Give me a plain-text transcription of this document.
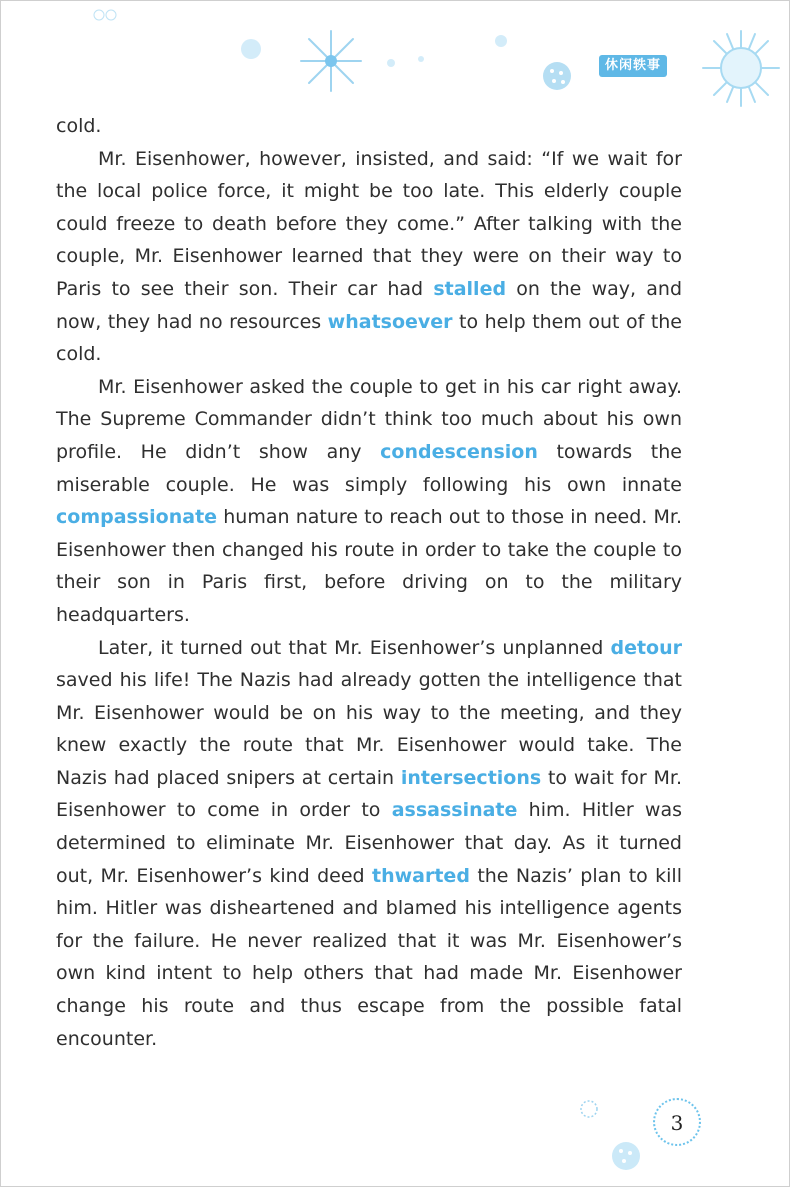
休闲轶事

cold.

Mr. Eisenhower, however, insisted, and said: “If we wait for the local police force, it might be too late. This elderly couple could freeze to death before they come.” After talking with the couple, Mr. Eisenhower learned that they were on their way to Paris to see their son. Their car had stalled on the way, and now, they had no resources whatsoever to help them out of the cold.

Mr. Eisenhower asked the couple to get in his car right away. The Supreme Commander didn’t think too much about his own profile. He didn’t show any condescension towards the miserable couple. He was simply following his own innate compassionate human nature to reach out to those in need. Mr. Eisenhower then changed his route in order to take the couple to their son in Paris first, before driving on to the military headquarters.

Later, it turned out that Mr. Eisenhower’s unplanned detour saved his life! The Nazis had already gotten the intelligence that Mr. Eisenhower would be on his way to the meeting, and they knew exactly the route that Mr. Eisenhower would take. The Nazis had placed snipers at certain intersections to wait for Mr. Eisenhower to come in order to assassinate him. Hitler was determined to eliminate Mr. Eisenhower that day. As it turned out, Mr. Eisenhower’s kind deed thwarted the Nazis’ plan to kill him. Hitler was disheartened and blamed his intelligence agents for the failure. He never realized that it was Mr. Eisenhower’s own kind intent to help others that had made Mr. Eisenhower change his route and thus escape from the possible fatal encounter.

3
